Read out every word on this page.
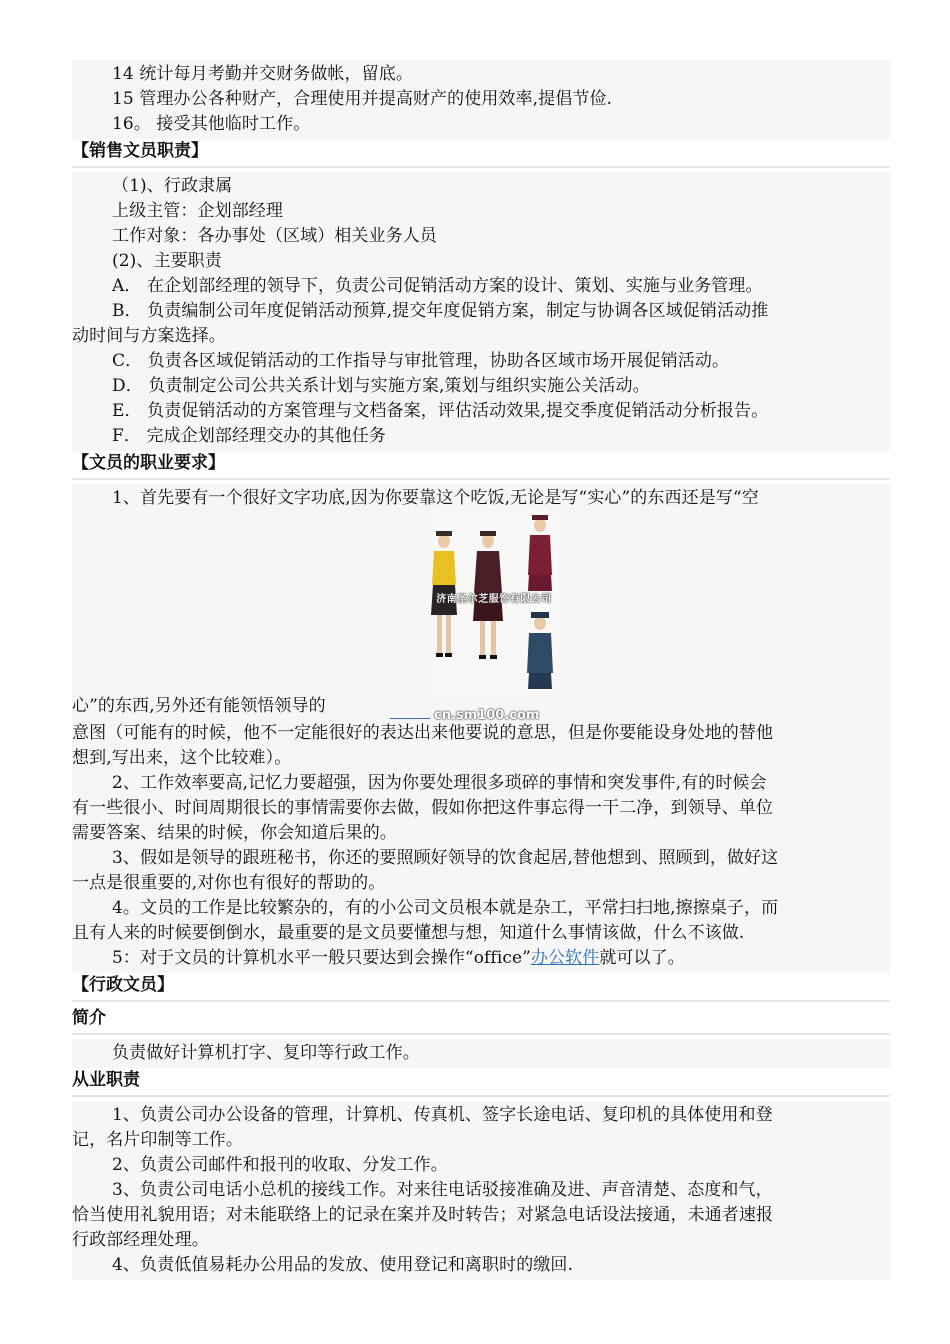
14 统计每月考勤并交财务做帐，留底。
15 管理办公各种财产，合理使用并提高财产的使用效率,提倡节俭.
16。 接受其他临时工作。
【销售文员职责】
（1)、行政隶属
上级主管：企划部经理
工作对象：各办事处（区域）相关业务人员
(2)、主要职责
A． 在企划部经理的领导下，负责公司促销活动方案的设计、策划、实施与业务管理。
B． 负责编制公司年度促销活动预算,提交年度促销方案，制定与协调各区域促销活动推
动时间与方案选择。
C． 负责各区域促销活动的工作指导与审批管理，协助各区域市场开展促销活动。
D． 负责制定公司公共关系计划与实施方案,策划与组织实施公关活动。
E． 负责促销活动的方案管理与文档备案，评估活动效果,提交季度促销活动分析报告。
F． 完成企划部经理交办的其他任务
【文员的职业要求】
1、首先要有一个很好文字功底,因为你要靠这个吃饭,无论是写“实心”的东西还是写“空
济南圣尔芝服饰有限公司
心”的东西,另外还有能领悟领导的	cn.sm100.com
意图（可能有的时候，他不一定能很好的表达出来他要说的意思，但是你要能设身处地的替他
想到,写出来，这个比较难）。
2、工作效率要高,记忆力要超强，因为你要处理很多琐碎的事情和突发事件,有的时候会
有一些很小、时间周期很长的事情需要你去做，假如你把这件事忘得一干二净，到领导、单位
需要答案、结果的时候，你会知道后果的。
3、假如是领导的跟班秘书，你还的要照顾好领导的饮食起居,替他想到、照顾到，做好这
一点是很重要的,对你也有很好的帮助的。
4。文员的工作是比较繁杂的，有的小公司文员根本就是杂工，平常扫扫地,擦擦桌子，而
且有人来的时候要倒倒水，最重要的是文员要懂想与想，知道什么事情该做，什么不该做.
5：对于文员的计算机水平一般只要达到会操作“office”办公软件就可以了。
【行政文员】
简介
负责做好计算机打字、复印等行政工作。
从业职责
1、负责公司办公设备的管理，计算机、传真机、签字长途电话、复印机的具体使用和登
记，名片印制等工作。
2、负责公司邮件和报刊的收取、分发工作。
3、负责公司电话小总机的接线工作。对来往电话驳接准确及进、声音清楚、态度和气，
恰当使用礼貌用语；对未能联络上的记录在案并及时转告；对紧急电话设法接通，未通者速报
行政部经理处理。
4、负责低值易耗办公用品的发放、使用登记和离职时的缴回.
